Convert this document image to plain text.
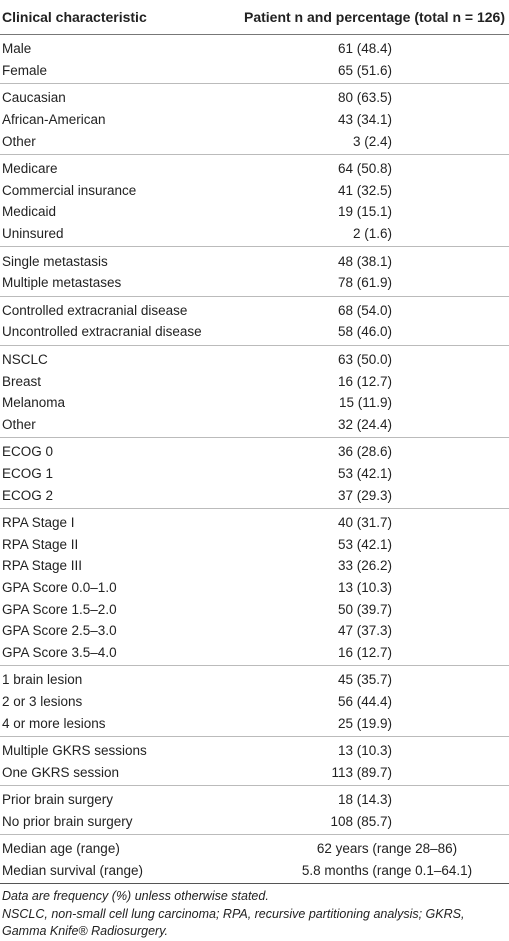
Clinical characteristic	Patient n and percentage (total n = 126)
Male	61 (48.4)
Female	65 (51.6)
Caucasian	80 (63.5)
African-American	43 (34.1)
Other	3 (2.4)
Medicare	64 (50.8)
Commercial insurance	41 (32.5)
Medicaid	19 (15.1)
Uninsured	2 (1.6)
Single metastasis	48 (38.1)
Multiple metastases	78 (61.9)
Controlled extracranial disease	68 (54.0)
Uncontrolled extracranial disease	58 (46.0)
NSCLC	63 (50.0)
Breast	16 (12.7)
Melanoma	15 (11.9)
Other	32 (24.4)
ECOG 0	36 (28.6)
ECOG 1	53 (42.1)
ECOG 2	37 (29.3)
RPA Stage I	40 (31.7)
RPA Stage II	53 (42.1)
RPA Stage III	33 (26.2)
GPA Score 0.0–1.0	13 (10.3)
GPA Score 1.5–2.0	50 (39.7)
GPA Score 2.5–3.0	47 (37.3)
GPA Score 3.5–4.0	16 (12.7)
1 brain lesion	45 (35.7)
2 or 3 lesions	56 (44.4)
4 or more lesions	25 (19.9)
Multiple GKRS sessions	13 (10.3)
One GKRS session	113 (89.7)
Prior brain surgery	18 (14.3)
No prior brain surgery	108 (85.7)
Median age (range)	62 years (range 28–86)
Median survival (range)	5.8 months (range 0.1–64.1)
Data are frequency (%) unless otherwise stated.
NSCLC, non-small cell lung carcinoma; RPA, recursive partitioning analysis; GKRS, Gamma Knife® Radiosurgery.
